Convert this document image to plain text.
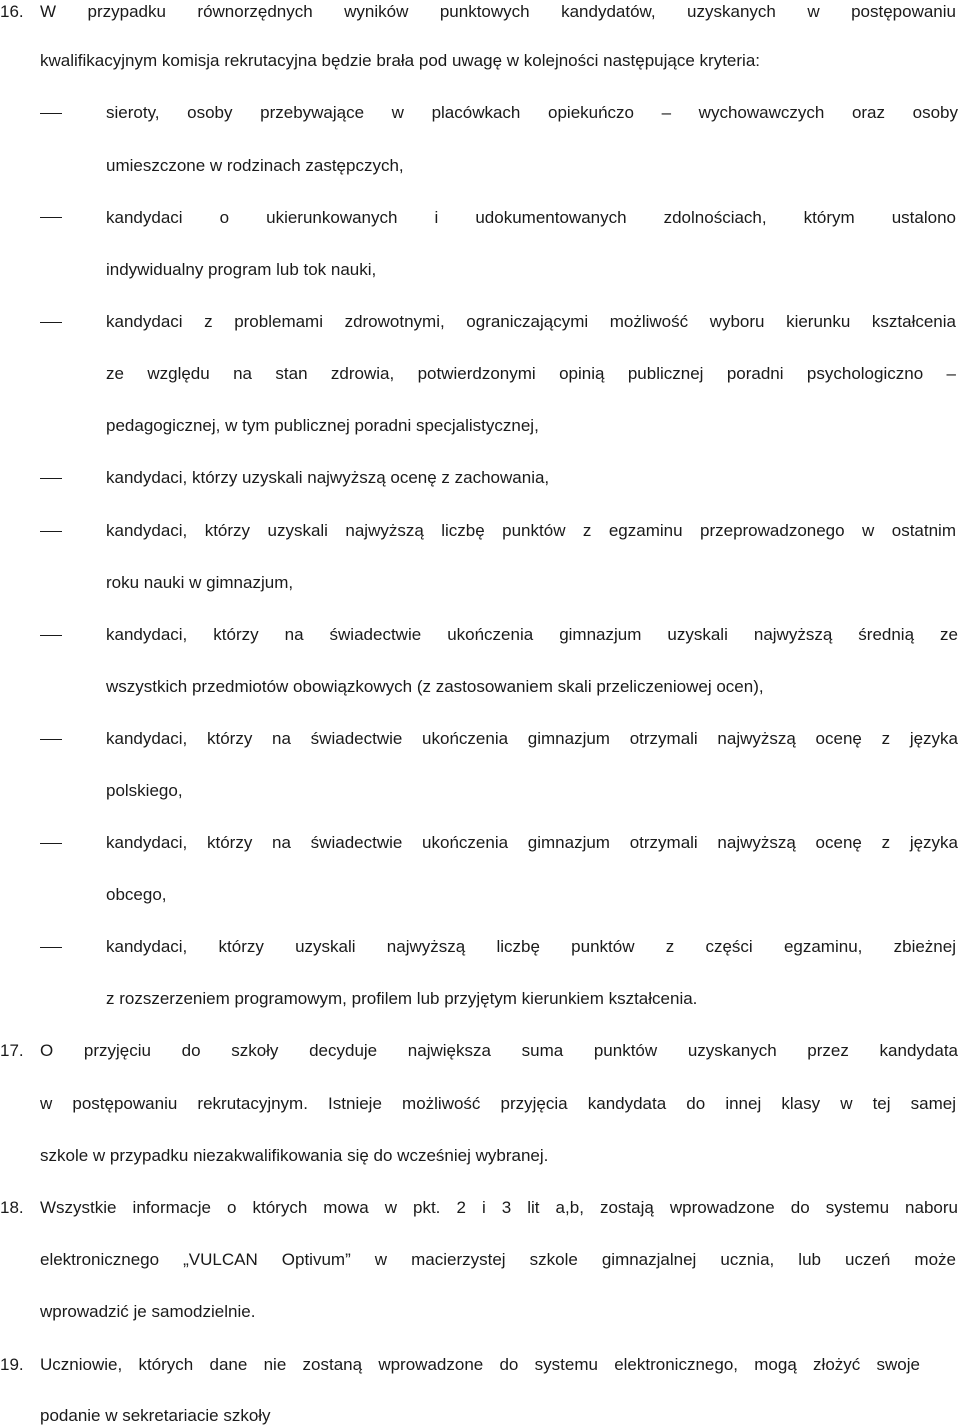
16. W przypadku równorzędnych wyników punktowych kandydatów, uzyskanych w postępowaniu
kwalifikacyjnym komisja rekrutacyjna będzie brała pod uwagę w kolejności następujące kryteria:
sieroty, osoby przebywające w placówkach opiekuńczo – wychowawczych oraz osoby
umieszczone w rodzinach zastępczych,
kandydaci o ukierunkowanych i udokumentowanych zdolnościach, którym ustalono
indywidualny program lub tok nauki,
kandydaci z problemami zdrowotnymi, ograniczającymi możliwość wyboru kierunku kształcenia
ze względu na stan zdrowia, potwierdzonymi opinią publicznej poradni psychologiczno –
pedagogicznej, w tym publicznej poradni specjalistycznej,
kandydaci, którzy uzyskali najwyższą ocenę z zachowania,
kandydaci, którzy uzyskali najwyższą liczbę punktów z egzaminu przeprowadzonego w ostatnim
roku nauki w gimnazjum,
kandydaci, którzy na świadectwie ukończenia gimnazjum uzyskali najwyższą średnią ze
wszystkich przedmiotów obowiązkowych (z zastosowaniem skali przeliczeniowej ocen),
kandydaci, którzy na świadectwie ukończenia gimnazjum otrzymali najwyższą ocenę z języka
polskiego,
kandydaci, którzy na świadectwie ukończenia gimnazjum otrzymali najwyższą ocenę z języka
obcego,
kandydaci, którzy uzyskali najwyższą liczbę punktów z części egzaminu, zbieżnej
z rozszerzeniem programowym, profilem lub przyjętym kierunkiem kształcenia.
17. O przyjęciu do szkoły decyduje największa suma punktów uzyskanych przez kandydata
w postępowaniu rekrutacyjnym. Istnieje możliwość przyjęcia kandydata do innej klasy w tej samej
szkole w przypadku niezakwalifikowania się do wcześniej wybranej.
18. Wszystkie informacje o których mowa w pkt. 2 i 3 lit a,b, zostają wprowadzone do systemu naboru
elektronicznego „VULCAN Optivum” w macierzystej szkole gimnazjalnej ucznia, lub uczeń może
wprowadzić je samodzielnie.
19. Uczniowie, których dane nie zostaną wprowadzone do systemu elektronicznego, mogą złożyć swoje
podanie w sekretariacie szkoły
